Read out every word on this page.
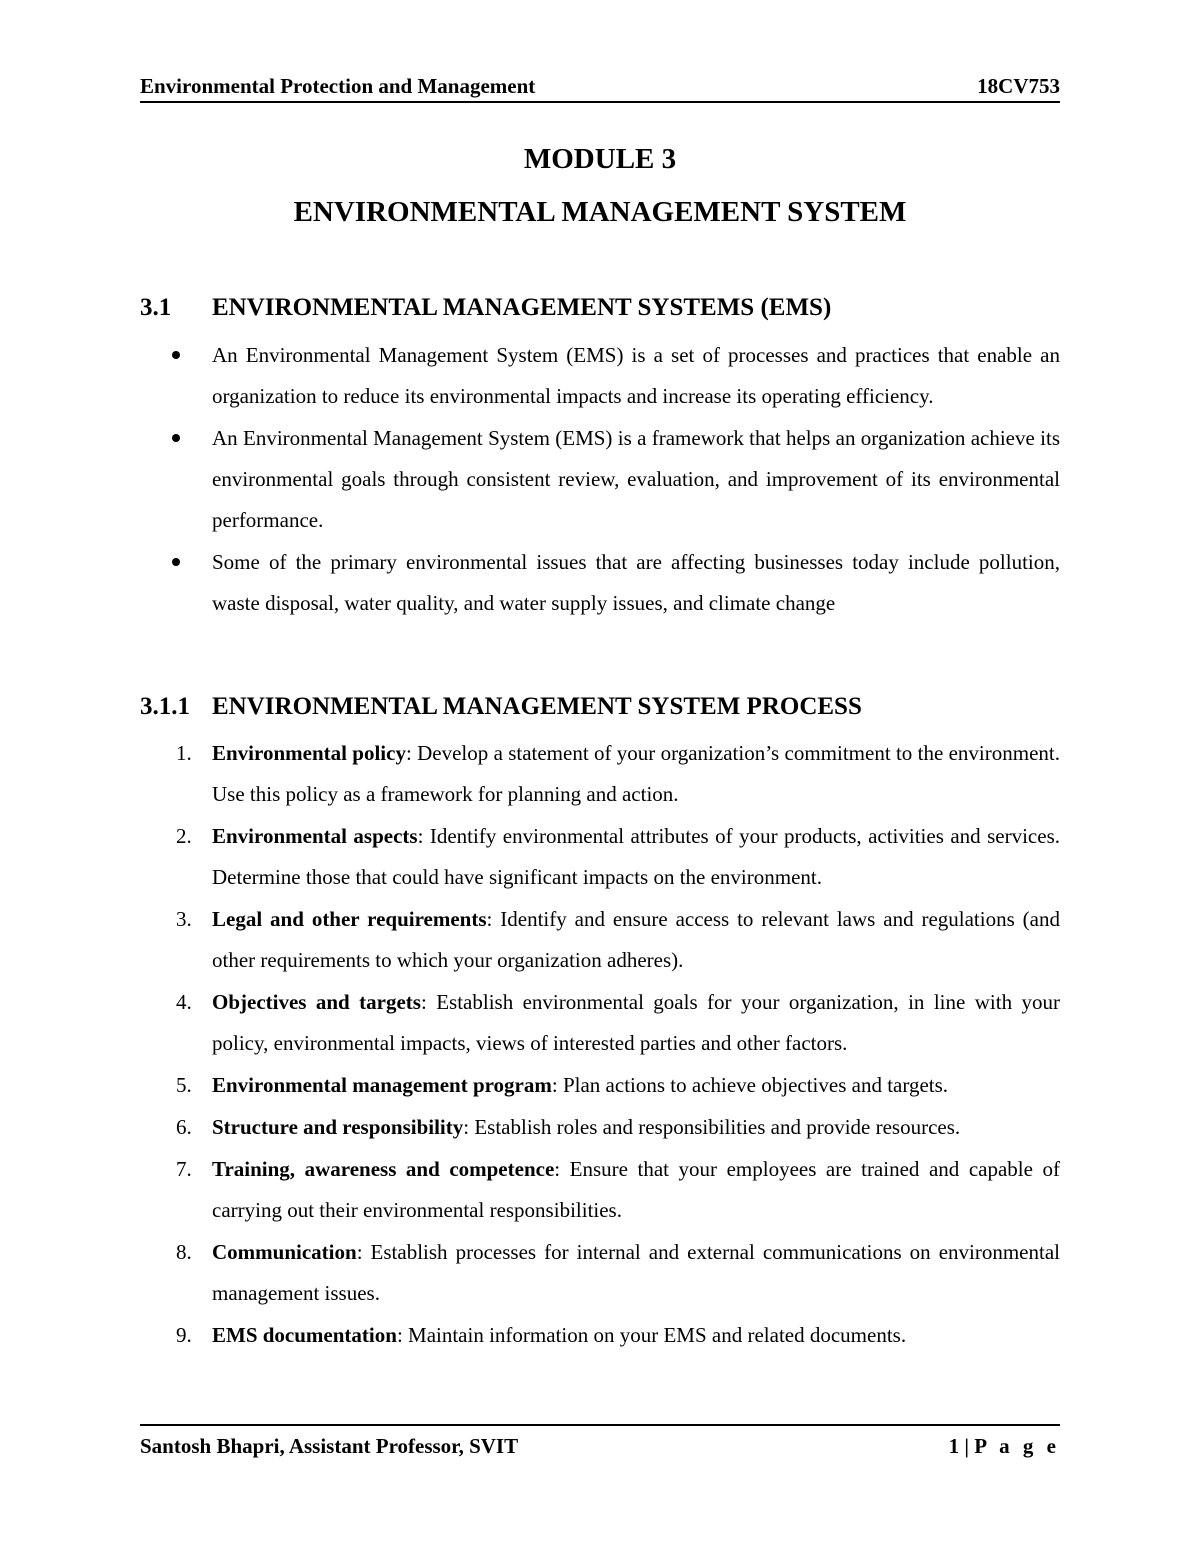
Environmental Protection and Management	18CV753
MODULE 3
ENVIRONMENTAL MANAGEMENT SYSTEM
3.1	ENVIRONMENTAL MANAGEMENT SYSTEMS (EMS)
An Environmental Management System (EMS) is a set of processes and practices that enable an organization to reduce its environmental impacts and increase its operating efficiency.
An Environmental Management System (EMS) is a framework that helps an organization achieve its environmental goals through consistent review, evaluation, and improvement of its environmental performance.
Some of the primary environmental issues that are affecting businesses today include pollution, waste disposal, water quality, and water supply issues, and climate change
3.1.1 ENVIRONMENTAL MANAGEMENT SYSTEM PROCESS
1. Environmental policy: Develop a statement of your organization’s commitment to the environment. Use this policy as a framework for planning and action.
2. Environmental aspects: Identify environmental attributes of your products, activities and services. Determine those that could have significant impacts on the environment.
3. Legal and other requirements: Identify and ensure access to relevant laws and regulations (and other requirements to which your organization adheres).
4. Objectives and targets: Establish environmental goals for your organization, in line with your policy, environmental impacts, views of interested parties and other factors.
5. Environmental management program: Plan actions to achieve objectives and targets.
6. Structure and responsibility: Establish roles and responsibilities and provide resources.
7. Training, awareness and competence: Ensure that your employees are trained and capable of carrying out their environmental responsibilities.
8. Communication: Establish processes for internal and external communications on environmental management issues.
9. EMS documentation: Maintain information on your EMS and related documents.
Santosh Bhapri, Assistant Professor, SVIT	1 | P a g e
